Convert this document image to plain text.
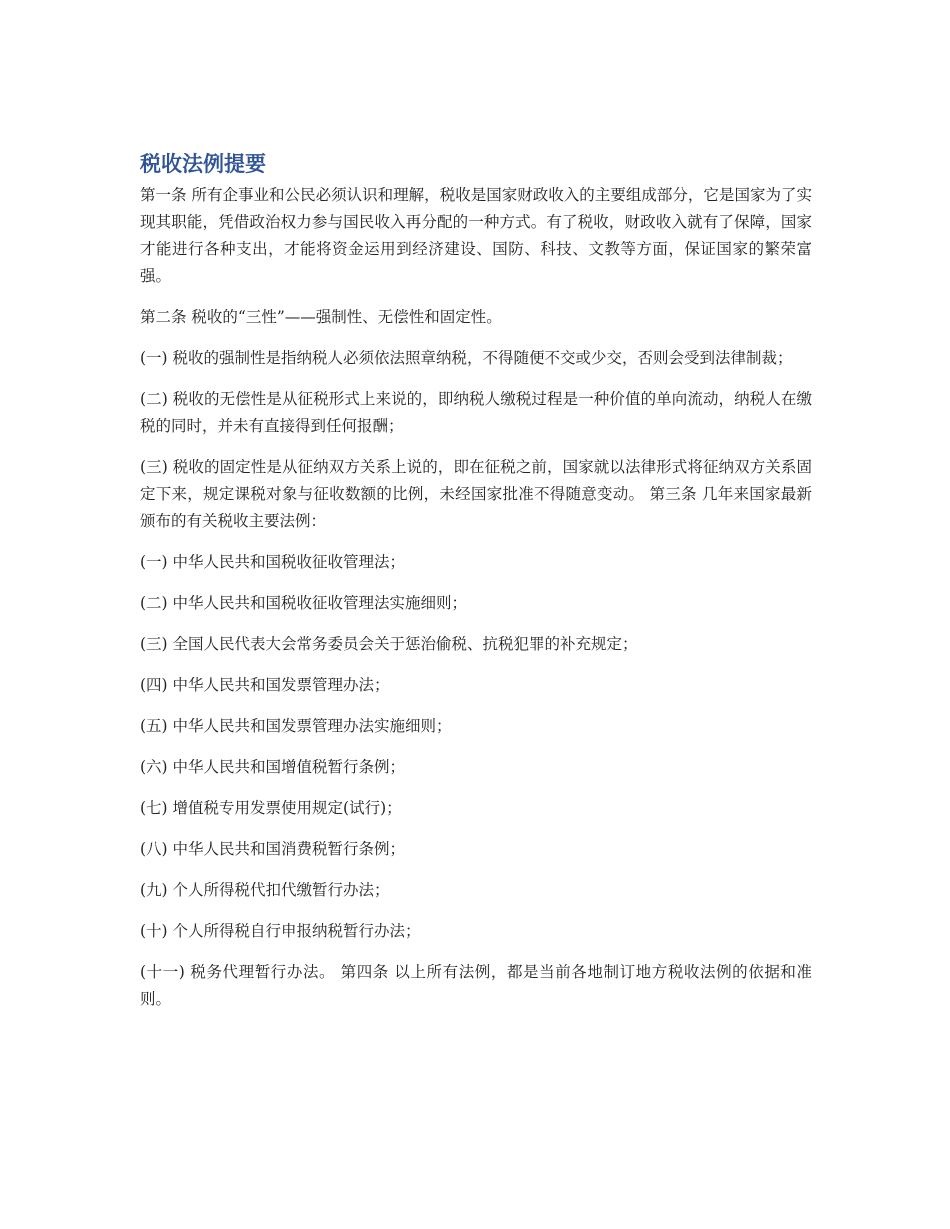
税收法例提要

第一条 所有企事业和公民必须认识和理解，税收是国家财政收入的主要组成部分，它是国家为了实现其职能，凭借政治权力参与国民收入再分配的一种方式。有了税收，财政收入就有了保障，国家才能进行各种支出，才能将资金运用到经济建设、国防、科技、文教等方面，保证国家的繁荣富强。

第二条 税收的“三性”——强制性、无偿性和固定性。

(一) 税收的强制性是指纳税人必须依法照章纳税，不得随便不交或少交，否则会受到法律制裁；

(二) 税收的无偿性是从征税形式上来说的，即纳税人缴税过程是一种价值的单向流动，纳税人在缴税的同时，并未有直接得到任何报酬；

(三) 税收的固定性是从征纳双方关系上说的，即在征税之前，国家就以法律形式将征纳双方关系固定下来，规定课税对象与征收数额的比例，未经国家批准不得随意变动。 第三条 几年来国家最新颁布的有关税收主要法例：

(一) 中华人民共和国税收征收管理法；

(二) 中华人民共和国税收征收管理法实施细则；

(三) 全国人民代表大会常务委员会关于惩治偷税、抗税犯罪的补充规定；

(四) 中华人民共和国发票管理办法；

(五) 中华人民共和国发票管理办法实施细则；

(六) 中华人民共和国增值税暂行条例；

(七) 增值税专用发票使用规定(试行)；

(八) 中华人民共和国消费税暂行条例；

(九) 个人所得税代扣代缴暂行办法；

(十) 个人所得税自行申报纳税暂行办法；

(十一) 税务代理暂行办法。 第四条 以上所有法例，都是当前各地制订地方税收法例的依据和准则。
